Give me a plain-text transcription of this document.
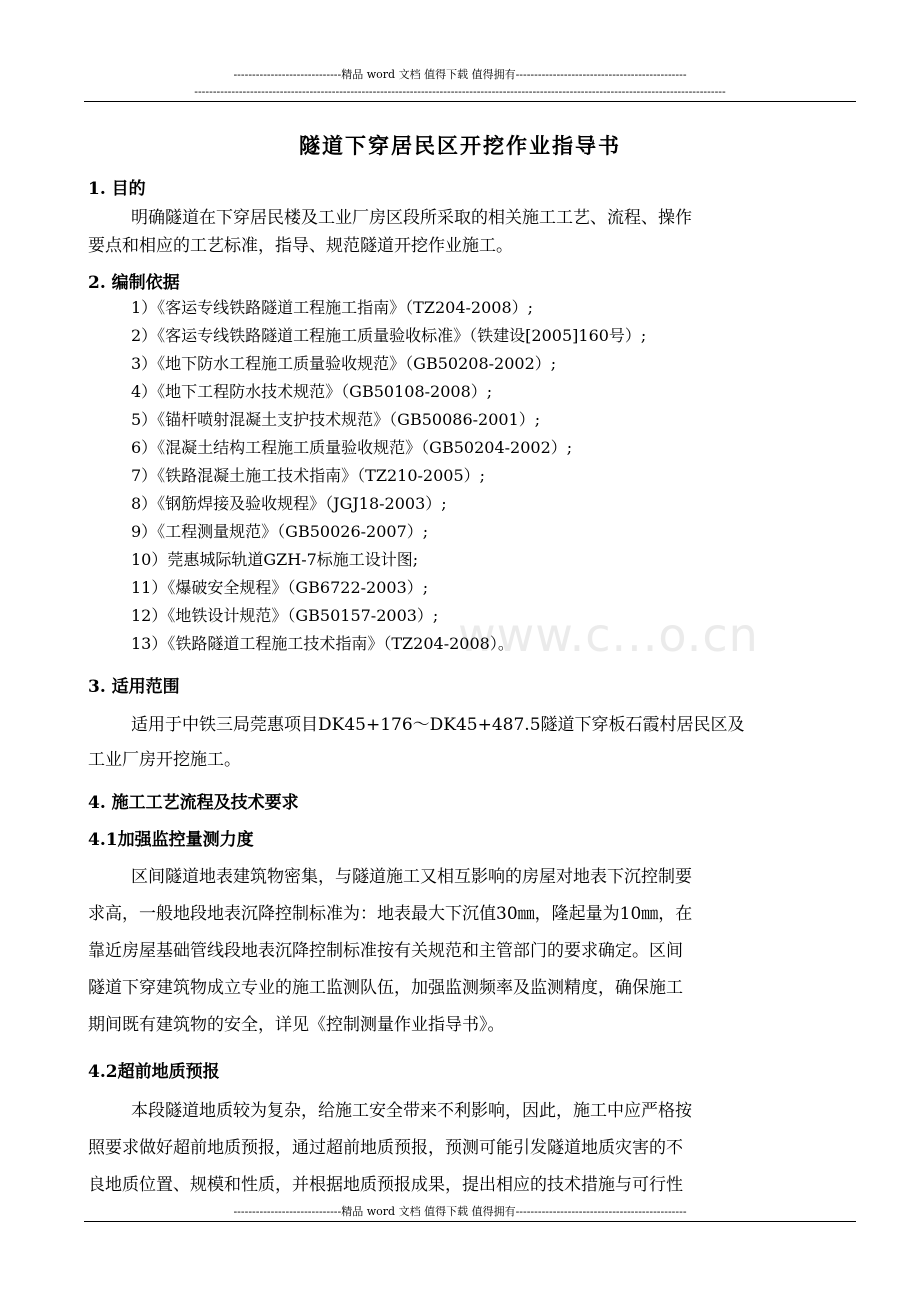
-----------------------------精品 word 文档 值得下载 值得拥有----------------------------------------------
-----------------------------------------------------------------------------------------------------------------------------------------------
www.c...o.cn
隧道下穿居民区开挖作业指导书
1. 目的
明确隧道在下穿居民楼及工业厂房区段所采取的相关施工工艺、流程、操作
要点和相应的工艺标准，指导、规范隧道开挖作业施工。
2. 编制依据
1）《客运专线铁路隧道工程施工指南》（TZ204-2008）;
2）《客运专线铁路隧道工程施工质量验收标准》（铁建设[2005]160号）;
3）《地下防水工程施工质量验收规范》（GB50208-2002）;
4）《地下工程防水技术规范》（GB50108-2008）;
5）《锚杆喷射混凝土支护技术规范》（GB50086-2001）;
6）《混凝土结构工程施工质量验收规范》（GB50204-2002）;
7）《铁路混凝土施工技术指南》（TZ210-2005）;
8）《钢筋焊接及验收规程》（JGJ18-2003）;
9）《工程测量规范》（GB50026-2007）;
10）莞惠城际轨道GZH-7标施工设计图;
11）《爆破安全规程》（GB6722-2003）;
12）《地铁设计规范》（GB50157-2003）;
13）《铁路隧道工程施工技术指南》（TZ204-2008）。
3. 适用范围
适用于中铁三局莞惠项目DK45+176～DK45+487.5隧道下穿板石霞村居民区及
工业厂房开挖施工。
4. 施工工艺流程及技术要求
4.1加强监控量测力度
区间隧道地表建筑物密集，与隧道施工又相互影响的房屋对地表下沉控制要
求高，一般地段地表沉降控制标准为：地表最大下沉值30㎜，隆起量为10㎜，在
靠近房屋基础管线段地表沉降控制标准按有关规范和主管部门的要求确定。区间
隧道下穿建筑物成立专业的施工监测队伍，加强监测频率及监测精度，确保施工
期间既有建筑物的安全，详见《控制测量作业指导书》。
4.2超前地质预报
本段隧道地质较为复杂，给施工安全带来不利影响，因此，施工中应严格按
照要求做好超前地质预报，通过超前地质预报，预测可能引发隧道地质灾害的不
良地质位置、规模和性质，并根据地质预报成果，提出相应的技术措施与可行性
-----------------------------精品 word 文档 值得下载 值得拥有----------------------------------------------
